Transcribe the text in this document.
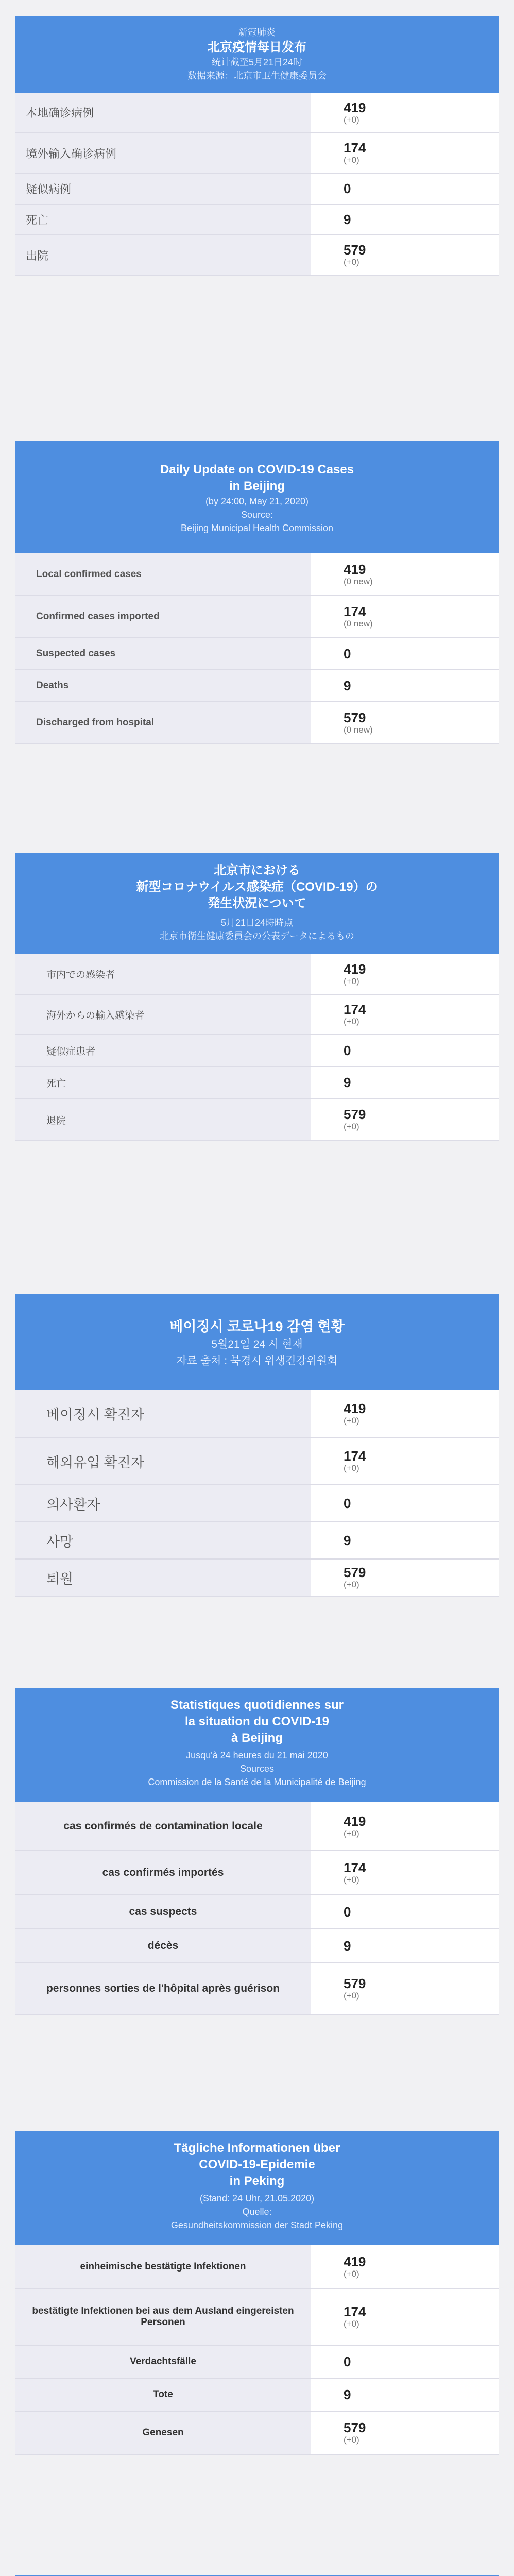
新冠肺炎
北京疫情每日发布
统计截至5月21日24时
数据来源：北京市卫生健康委员会
本地确诊病例	419
(+0)

境外输入确诊病例	174
(+0)

疑似病例	0

死亡	9

出院	579
(+0)
Daily Update on COVID-19 Cases
in Beijing
(by 24:00, May 21, 2020)
Source:
Beijing Municipal Health Commission
Local confirmed cases	419
(0 new)

Confirmed cases imported	174
(0 new)

Suspected cases	0

Deaths	9

Discharged from hospital	579
(0 new)
北京市における
新型コロナウイルス感染症（COVID-19）の
発生状況について
5月21日24時時点
北京市衛生健康委員会の公表データによるもの
市内での感染者	419
(+0)

海外からの輸入感染者	174
(+0)

疑似症患者	0

死亡	9

退院	579
(+0)
베이징시 코로나19 감염 현황
5월21일 24 시 현재
자료 출처 : 북경시 위생건강위원회
베이징시 확진자	419
(+0)

해외유입 확진자	174
(+0)

의사환자	0

사망	9

퇴원	579
(+0)
Statistiques quotidiennes sur
la situation du COVID-19
à Beijing
Jusqu'à 24 heures du 21 mai 2020
Sources
Commission de la Santé de la Municipalité de Beijing
cas confirmés de contamination locale	419
(+0)

cas confirmés importés	174
(+0)

cas suspects	0

décès	9

personnes sorties de l'hôpital après guérison	579
(+0)
Tägliche Informationen über
COVID-19-Epidemie
in Peking
(Stand: 24 Uhr, 21.05.2020)
Quelle:
Gesundheitskommission der Stadt Peking
einheimische bestätigte Infektionen	419
(+0)

bestätigte Infektionen bei aus dem Ausland eingereisten Personen	174
(+0)

Verdachtsfälle	0

Tote	9

Genesen	579
(+0)
